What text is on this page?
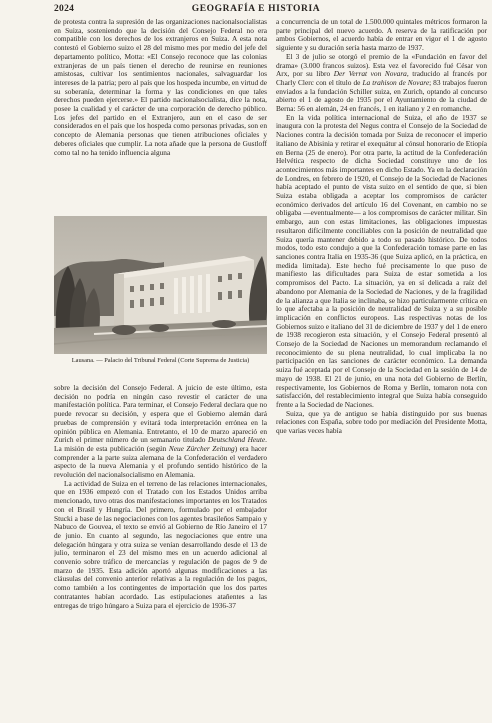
2024	GEOGRAFÍA E HISTORIA

de protesta contra la supresión de las organizaciones nacionalsocialistas en Suiza, sosteniendo que la decisión del Consejo Federal no era compatible con los derechos de los extranjeros en Suiza. A esta nota contestó el Gobierno suizo el 28 del mismo mes por medio del jefe del departamento político, Motta: «El Consejo reconoce que las colonias extranjeras de un país tienen el derecho de reunirse en reuniones amistosas, cultivar los sentimientos nacionales, salvaguardar los intereses de la patria; pero al país que los hospeda incumbe, en virtud de su soberanía, determinar la forma y las condiciones en que tales derechos pueden ejercerse.» El partido nacionalsocialista, dice la nota, posee la cualidad y el carácter de una corporación de derecho público. Los jefes del partido en el Extranjero, aun en el caso de ser considerados en el país que los hospeda como personas privadas, son en concepto de Alemania personas que tienen atribuciones oficiales y deberes oficiales que cumplir. La nota añade que la persona de Gustloff como tal no ha tenido influencia alguna

Lausana. — Palacio del Tribunal Federal (Corte Suprema de Justicia)

sobre la decisión del Consejo Federal. A juicio de este último, esta decisión no podría en ningún caso revestir el carácter de una manifestación política. Para terminar, el Consejo Federal declara que no puede revocar su decisión, y espera que el Gobierno alemán dará pruebas de comprensión y evitará toda interpretación errónea en la opinión pública en Alemania. Entretanto, el 10 de marzo apareció en Zurich el primer número de un semanario titulado Deutschland Heute. La misión de esta publicación (según Neue Zürcher Zeitung) era hacer comprender a la parte suiza alemana de la Confederación el verdadero aspecto de la nueva Alemania y el profundo sentido histórico de la revolución del nacionalsocialismo en Alemania.

La actividad de Suiza en el terreno de las relaciones internacionales, que en 1936 empezó con el Tratado con los Estados Unidos arriba mencionado, tuvo otras dos manifestaciones importantes en los Tratados con el Brasil y Hungría. Del primero, formulado por el embajador Stucki a base de las negociaciones con los agentes brasileños Sampaio y Nabuco de Gouvea, el texto se envió al Gobierno de Río Janeiro el 17 de junio. En cuanto al segundo, las negociaciones que entre una delegación húngara y otra suiza se venían desarrollando desde el 13 de julio, terminaron el 23 del mismo mes en un acuerdo adicional al convenio sobre tráfico de mercancías y regulación de pagos de 9 de marzo de 1935. Esta adición aportó algunas modificaciones a las cláusulas del convenio anterior relativas a la regulación de los pagos, como también a los contingentes de importación que los dos partes contratantes habían acordado. Las estipulaciones atañentes a las entregas de trigo húngaro a Suiza para el ejercicio de 1936-37

a concurrencia de un total de 1.500.000 quintales métricos formaron la parte principal del nuevo acuerdo. A reserva de la ratificación por ambos Gobiernos, el acuerdo había de entrar en vigor el 1 de agosto siguiente y su duración sería hasta marzo de 1937.

El 3 de julio se otorgó el premio de la «Fundación en favor del drama» (3.000 francos suizos). Esta vez el favorecido fué César von Arx, por su libro Der Verrat von Novara, traducido al francés por Charly Clerc con el título de La trahison de Novare; 83 trabajos fueron enviados a la fundación Schiller suiza, en Zurich, optando al concurso abierto el 1 de agosto de 1935 por el Ayuntamiento de la ciudad de Berna: 56 en alemán, 24 en francés, 1 en italiano y 2 en romanche.

En la vida política internacional de Suiza, el año de 1937 se inaugura con la protesta del Negus contra el Consejo de la Sociedad de Naciones contra la decisión tomada por Suiza de reconocer el imperio italiano de Abisinia y retirar el exequátur al cónsul honorario de Etiopía en Berna (25 de enero). Por otra parte, la actitud de la Confederación Helvética respecto de dicha Sociedad constituye uno de los acontecimientos más importantes en dicho Estado. Ya en la declaración de Londres, en febrero de 1920, el Consejo de la Sociedad de Naciones había aceptado el punto de vista suizo en el sentido de que, si bien Suiza estaba obligada a aceptar los compromisos de carácter económico derivados del artículo 16 del Covenant, en cambio no se obligaba —eventualmente— a los compromisos de carácter militar. Sin embargo, aun con estas limitaciones, las obligaciones impuestas resultaron difícilmente conciliables con la posición de neutralidad que Suiza quería mantener debido a todo su pasado histórico. De todos modos, todo esto condujo a que la Confederación tomase parte en las sanciones contra Italia en 1935-36 (que Suiza aplicó, en la práctica, en medida limitada). Este hecho fué precisamente lo que puso de manifiesto las dificultades para Suiza de estar sometida a los compromisos del Pacto. La situación, ya en sí delicada a raíz del abandono por Alemania de la Sociedad de Naciones, y de la fragilidad de la alianza a que Italia se inclinaba, se hizo particularmente crítica en lo que afectaba a la posición de neutralidad de Suiza y a su posible implicación en conflictos europeos. Las respectivas notas de los Gobiernos suizo e italiano del 31 de diciembre de 1937 y del 1 de enero de 1938 recogieron esta situación, y el Consejo Federal presentó al Consejo de la Sociedad de Naciones un memorandum reclamando el reconocimiento de su plena neutralidad, lo cual implicaba la no participación en las sanciones de carácter económico. La demanda suiza fué aceptada por el Consejo de la Sociedad en la sesión de 14 de mayo de 1938. El 21 de junio, en una nota del Gobierno de Berlín, respectivamente, los Gobiernos de Roma y Berlín, tomaron nota con satisfacción, del restablecimiento integral que Suiza había conseguido frente a la Sociedad de Naciones.

Suiza, que ya de antiguo se había distinguido por sus buenas relaciones con España, sobre todo por mediación del Presidente Motta, que varias veces había
